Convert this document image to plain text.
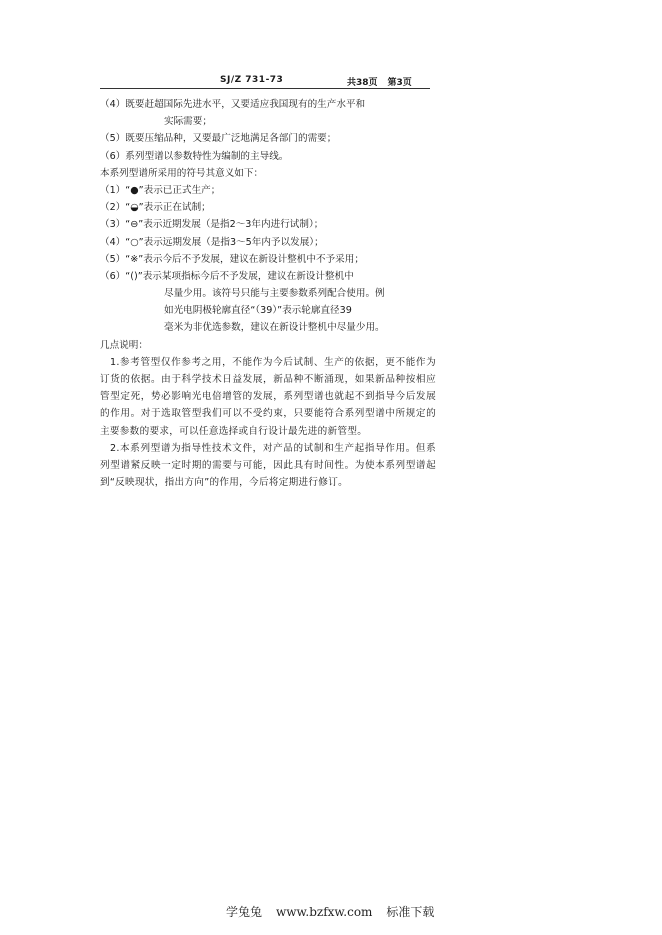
SJ/Z 731-73	共38页 第3页
（4）既要赶超国际先进水平，又要适应我国现有的生产水平和
实际需要；
（5）既要压缩品种，又要最广泛地满足各部门的需要；
（6）系列型谱以参数特性为编制的主导线。
本系列型谱所采用的符号其意义如下：
（1）“●”表示已正式生产；
（2）“◒”表示正在试制；
（3）“⊖”表示近期发展（是指2～3年内进行试制）；
（4）“○”表示远期发展（是指3～5年内予以发展）；
（5）“※”表示今后不予发展，建议在新设计整机中不予采用；
（6）“()”表示某项指标今后不予发展，建议在新设计整机中
尽量少用。该符号只能与主要参数系列配合使用。例
如光电阴极轮廓直径“（39）”表示轮廓直径39
毫米为非优选参数，建议在新设计整机中尽量少用。
几点说明：
1.参考管型仅作参考之用，不能作为今后试制、生产的依据，更不能作为订货的依据。由于科学技术日益发展，新品种不断涌现，如果新品种按相应管型定死，势必影响光电倍增管的发展，系列型谱也就起不到指导今后发展的作用。对于选取管型我们可以不受约束，只要能符合系列型谱中所规定的主要参数的要求，可以任意选择或自行设计最先进的新管型。
2.本系列型谱为指导性技术文件，对产品的试制和生产起指导作用。但系列型谱紧反映一定时期的需要与可能，因此具有时间性。为使本系列型谱起到“反映现状，指出方向”的作用，今后将定期进行修订。
学兔兔 www.bzfxw.com 标准下载
